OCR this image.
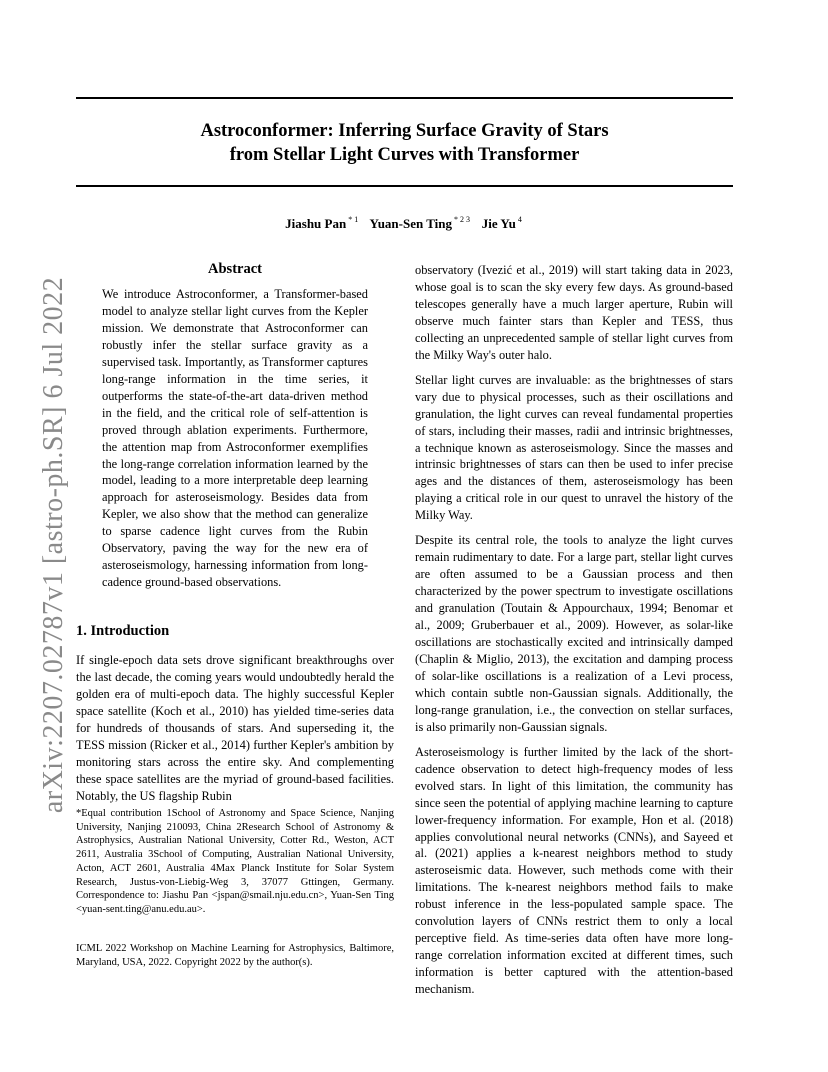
arXiv:2207.02787v1 [astro-ph.SR] 6 Jul 2022
Astroconformer: Inferring Surface Gravity of Stars
from Stellar Light Curves with Transformer
Jiashu Pan $^{* 1}$ Yuan-Sen Ting $^{* 2 3}$ Jie Yu $^4$
Abstract

We introduce Astroconformer, a Transformer-based model to analyze stellar light curves from the Kepler mission. We demonstrate that Astroconformer can robustly infer the stellar surface gravity as a supervised task. Importantly, as Transformer captures long-range information in the time series, it outperforms the state-of-the-art data-driven method in the field, and the critical role of self-attention is proved through ablation experiments. Furthermore, the attention map from Astroconformer exemplifies the long-range correlation information learned by the model, leading to a more interpretable deep learning approach for asteroseismology. Besides data from Kepler, we also show that the method can generalize to sparse cadence light curves from the Rubin Observatory, paving the way for the new era of asteroseismology, harnessing information from long-cadence ground-based observations.

1. Introduction

If single-epoch data sets drove significant breakthroughs over the last decade, the coming years would undoubtedly herald the golden era of multi-epoch data. The highly successful Kepler space satellite (Koch et al., 2010) has yielded time-series data for hundreds of thousands of stars. And superseding it, the TESS mission (Ricker et al., 2014) further Kepler's ambition by monitoring stars across the entire sky. And complementing these space satellites are the myriad of ground-based facilities. Notably, the US flagship Rubin

*Equal contribution 1School of Astronomy and Space Science, Nanjing University, Nanjing 210093, China 2Research School of Astronomy & Astrophysics, Australian National University, Cotter Rd., Weston, ACT 2611, Australia 3School of Computing, Australian National University, Acton, ACT 2601, Australia 4Max Planck Institute for Solar System Research, Justus-von-Liebig-Weg 3, 37077 Gttingen, Germany. Correspondence to: Jiashu Pan <jspan@smail.nju.edu.cn>, Yuan-Sen Ting <yuan-sent.ting@anu.edu.au>.
ICML 2022 Workshop on Machine Learning for Astrophysics, Baltimore, Maryland, USA, 2022. Copyright 2022 by the author(s).

observatory (Ivezić et al., 2019) will start taking data in 2023, whose goal is to scan the sky every few days. As ground-based telescopes generally have a much larger aperture, Rubin will observe much fainter stars than Kepler and TESS, thus collecting an unprecedented sample of stellar light curves from the Milky Way's outer halo.

Stellar light curves are invaluable: as the brightnesses of stars vary due to physical processes, such as their oscillations and granulation, the light curves can reveal fundamental properties of stars, including their masses, radii and intrinsic brightnesses, a technique known as asteroseismology. Since the masses and intrinsic brightnesses of stars can then be used to infer precise ages and the distances of them, asteroseismology has been playing a critical role in our quest to unravel the history of the Milky Way.

Despite its central role, the tools to analyze the light curves remain rudimentary to date. For a large part, stellar light curves are often assumed to be a Gaussian process and then characterized by the power spectrum to investigate oscillations and granulation (Toutain & Appourchaux, 1994; Benomar et al., 2009; Gruberbauer et al., 2009). However, as solar-like oscillations are stochastically excited and intrinsically damped (Chaplin & Miglio, 2013), the excitation and damping process of solar-like oscillations is a realization of a Levi process, which contain subtle non-Gaussian signals. Additionally, the long-range granulation, i.e., the convection on stellar surfaces, is also primarily non-Gaussian signals.

Asteroseismology is further limited by the lack of the short-cadence observation to detect high-frequency modes of less evolved stars. In light of this limitation, the community has since seen the potential of applying machine learning to capture lower-frequency information. For example, Hon et al. (2018) applies convolutional neural networks (CNNs), and Sayeed et al. (2021) applies a k-nearest neighbors method to study asteroseismic data. However, such methods come with their limitations. The k-nearest neighbors method fails to make robust inference in the less-populated sample space. The convolution layers of CNNs restrict them to only a local perceptive field. As time-series data often have more long-range correlation information excited at different times, such information is better captured with the attention-based mechanism.
